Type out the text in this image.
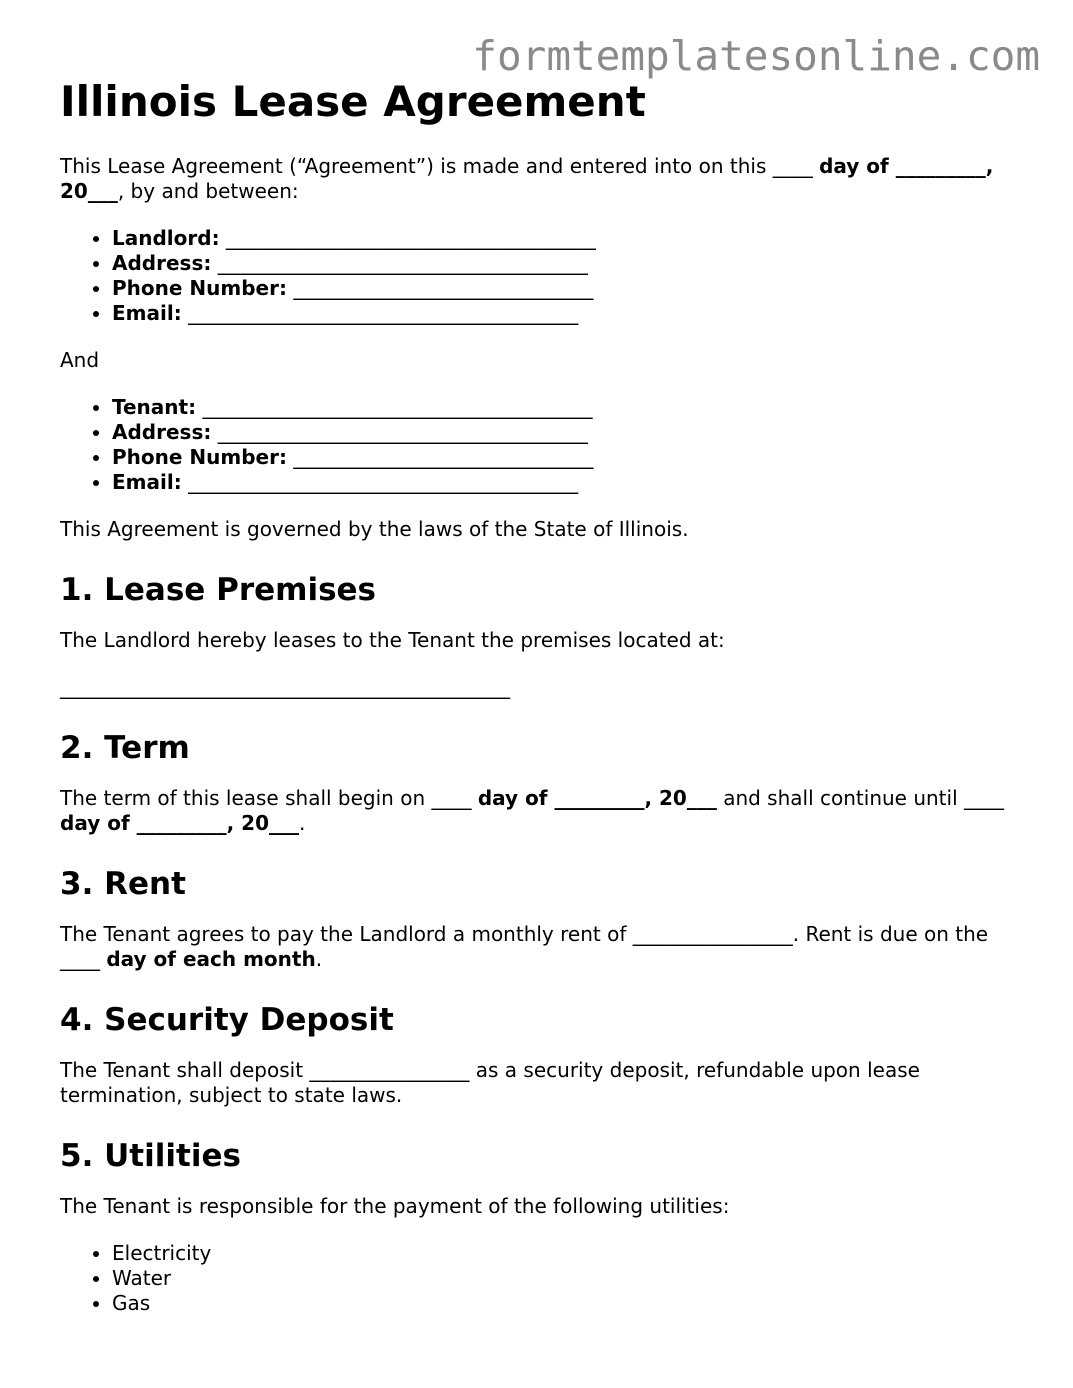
formtemplatesonline.com
Illinois Lease Agreement

This Lease Agreement (“Agreement”) is made and entered into on this ____ day of _________, 20___, by and between:

• Landlord: _____________________________________
• Address: _____________________________________
• Phone Number: ______________________________
• Email: _______________________________________

And

• Tenant: _______________________________________
• Address: _____________________________________
• Phone Number: ______________________________
• Email: _______________________________________

This Agreement is governed by the laws of the State of Illinois.

1. Lease Premises

The Landlord hereby leases to the Tenant the premises located at:

_____________________________________________

2. Term

The term of this lease shall begin on ____ day of _________, 20___ and shall continue until ____ day of _________, 20___.

3. Rent

The Tenant agrees to pay the Landlord a monthly rent of ________________. Rent is due on the ____ day of each month.

4. Security Deposit

The Tenant shall deposit ________________ as a security deposit, refundable upon lease termination, subject to state laws.

5. Utilities

The Tenant is responsible for the payment of the following utilities:

• Electricity
• Water
• Gas
